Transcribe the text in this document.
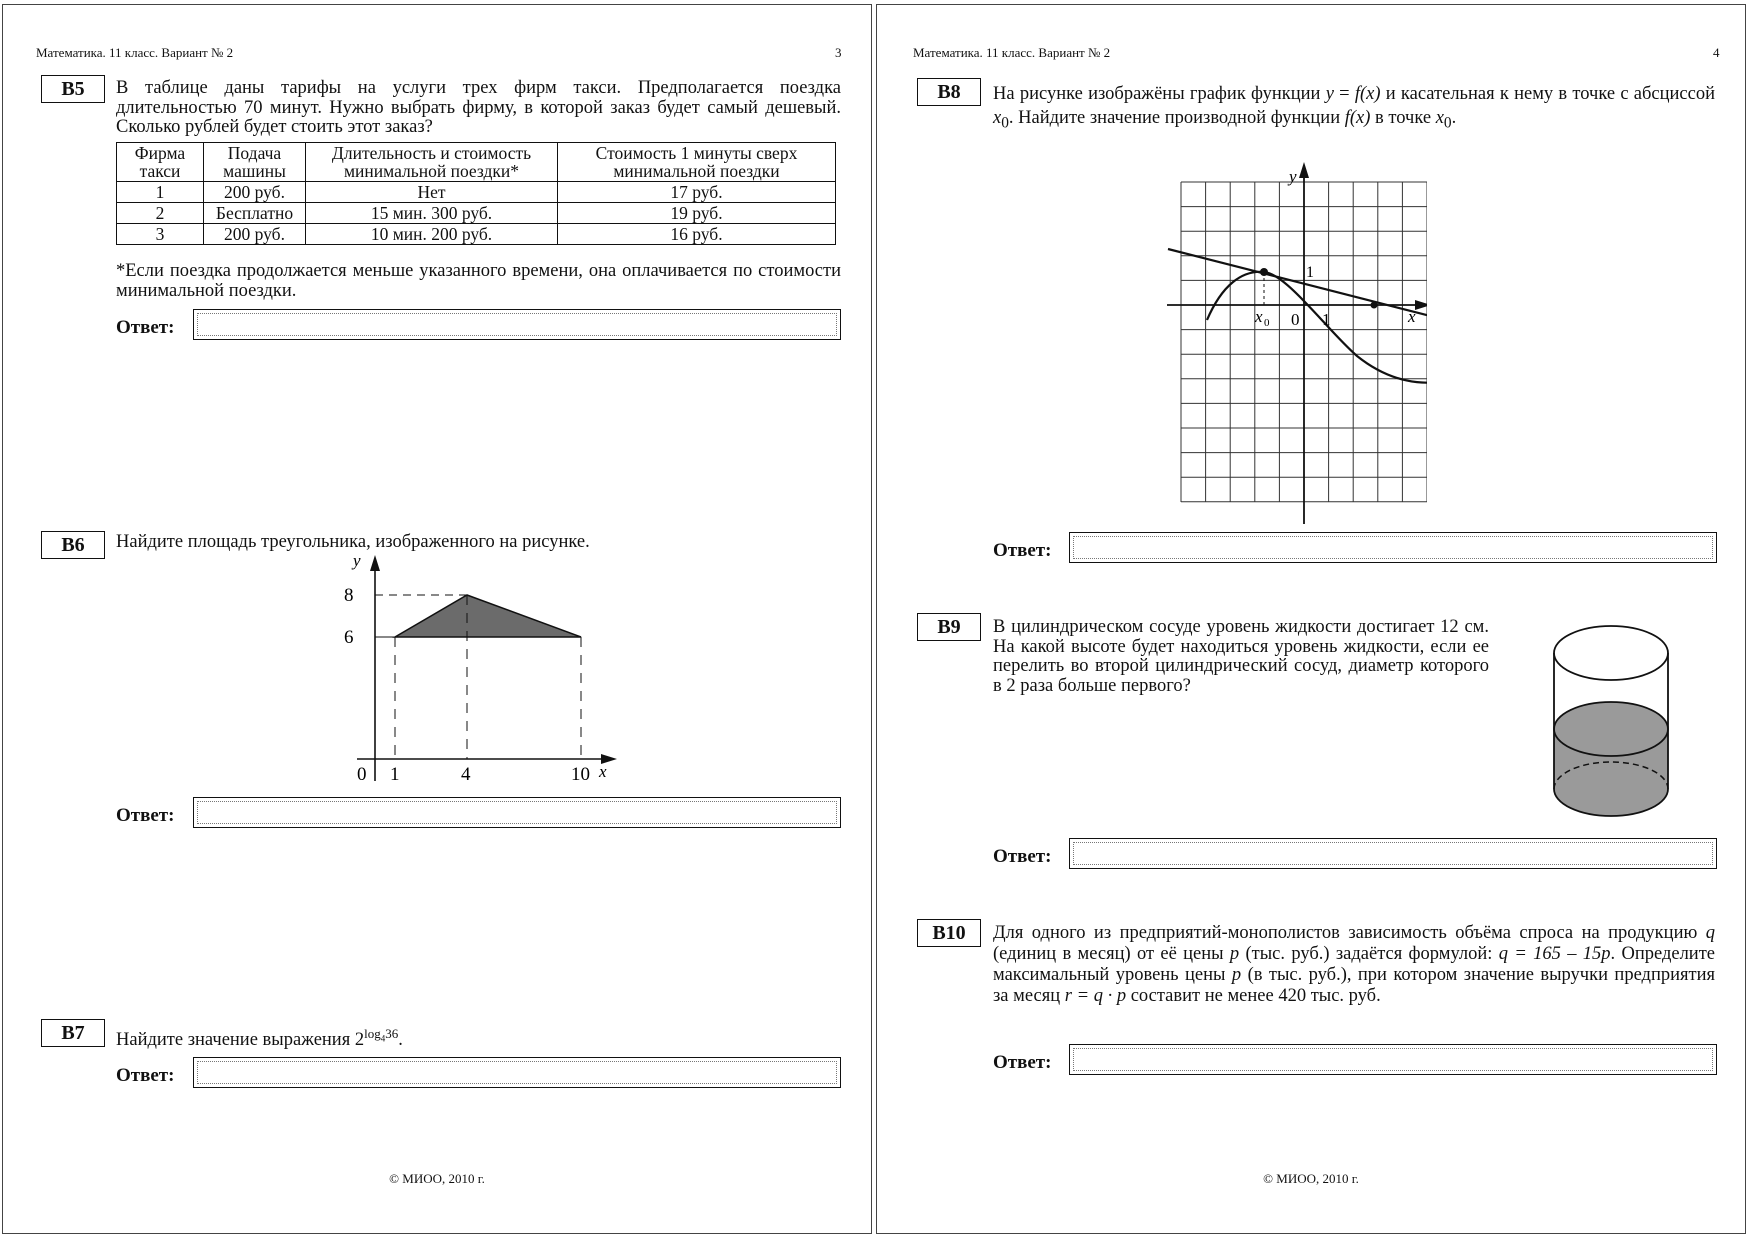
Математика. 11 класс. Вариант № 2	3
B5	В таблице даны тарифы на услуги трех фирм такси. Предполагается поездка длительностью 70 минут. Нужно выбрать фирму, в которой заказ будет самый дешевый. Сколько рублей будет стоить этот заказ?
Фирма такси	Подача машины	Длительность и стоимость минимальной поездки*	Стоимость 1 минуты сверх минимальной поездки
1	200 руб.	Нет	17 руб.
2	Бесплатно	15 мин. 300 руб.	19 руб.
3	200 руб.	10 мин. 200 руб.	16 руб.
*Если поездка продолжается меньше указанного времени, она оплачивается по стоимости минимальной поездки.
Ответ:
B6	Найдите площадь треугольника, изображенного на рисунке.
y
8
6
0 1	4	10 x
Ответ:
B7	Найдите значение выражения $2^{log_436}$.
Ответ:
© МИОО, 2010 г.
Математика. 11 класс. Вариант № 2	4
B8	На рисунке изображёны график функции y = f(x) и касательная к нему в точке с абсциссой $x_0$. Найдите значение производной функции f(x) в точке $x_0$.
y
1
0 1
x 0	x
Ответ:
B9	В цилиндрическом сосуде уровень жидкости достигает 12 см. На какой высоте будет находиться уровень жидкости, если ее перелить во второй цилиндрический сосуд, диаметр которого в 2 раза больше первого?
Ответ:
B10	Для одного из предприятий-монополистов зависимость объёма спроса на продукцию q (единиц в месяц) от её цены p (тыс. руб.) задаётся формулой: q = 165 – 15p. Определите максимальный уровень цены p (в тыс. руб.), при котором значение выручки предприятия за месяц r = q · p составит не менее 420 тыс. руб.
Ответ:
© МИОО, 2010 г.
